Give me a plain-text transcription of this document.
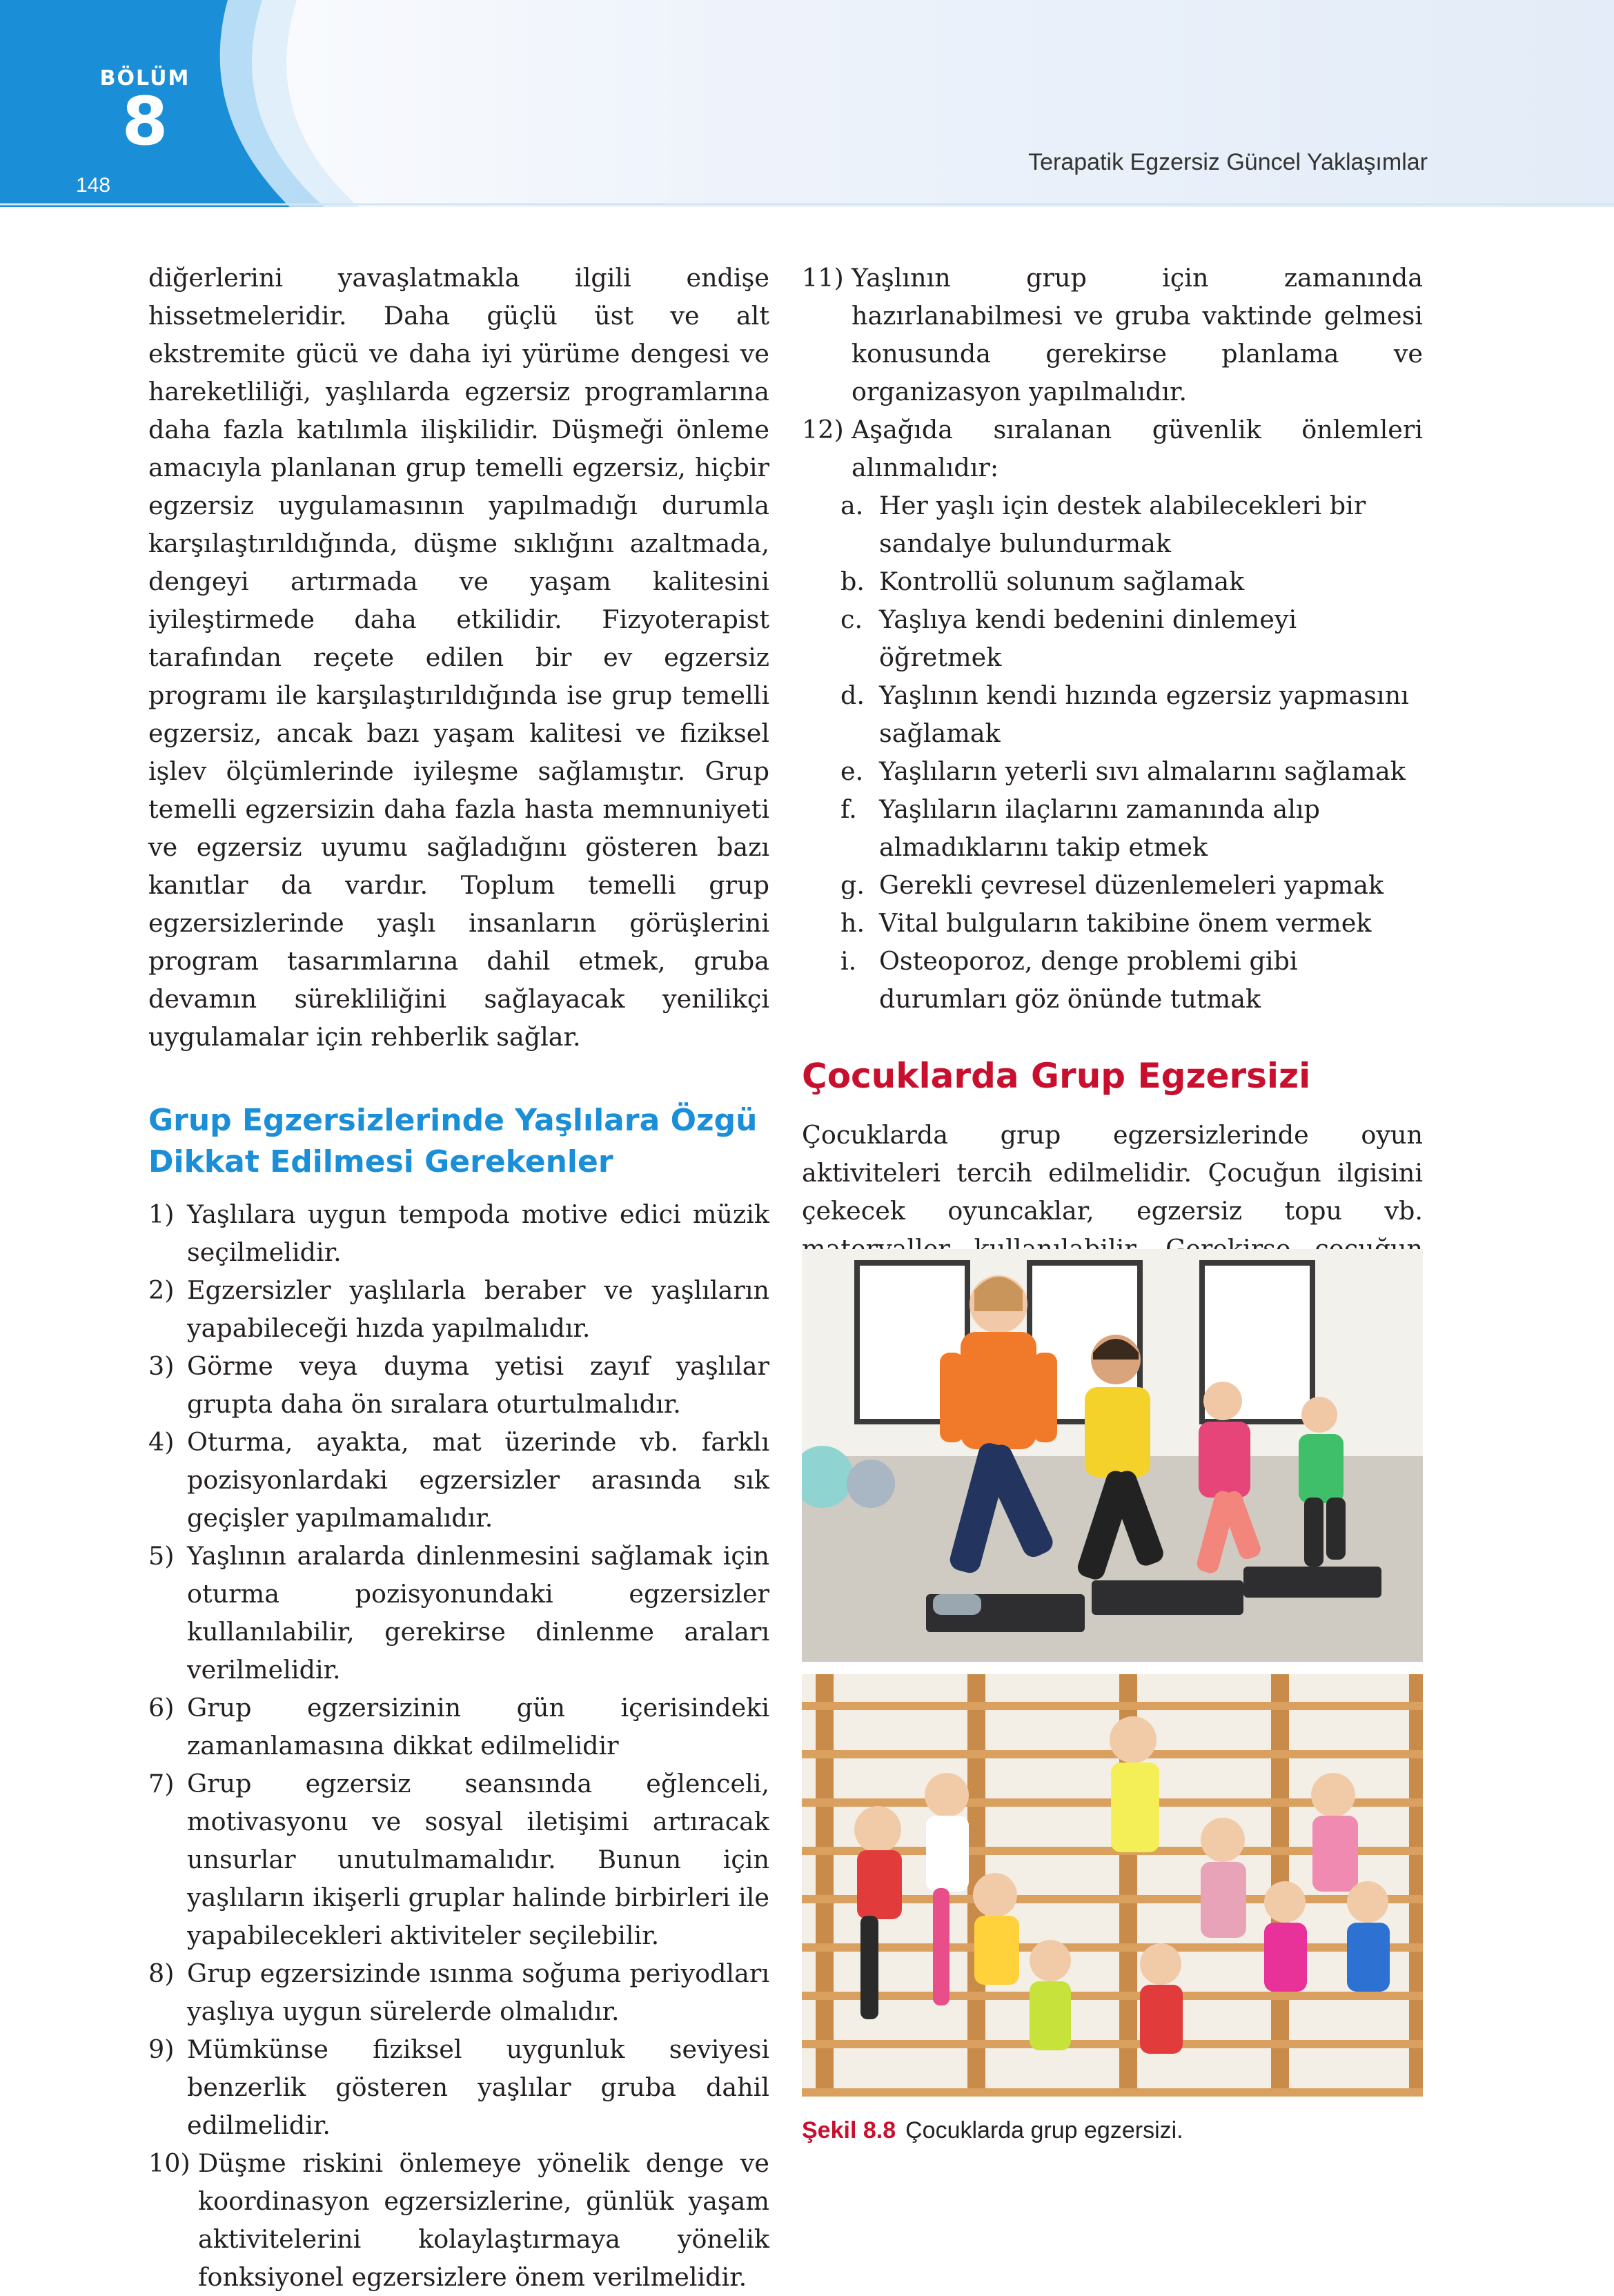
BÖLÜM
8
148
Terapatik Egzersiz Güncel Yaklaşımlar

diğerlerini yavaşlatmakla ilgili endişe hissetmeleridir. Daha güçlü üst ve alt ekstremite gücü ve daha iyi yürüme dengesi ve hareketliliği, yaşlılarda egzersiz programlarına daha fazla katılımla ilişkilidir. Düşmeği önleme amacıyla planlanan grup temelli egzersiz, hiçbir egzersiz uygulamasının yapılmadığı durumla karşılaştırıldığında, düşme sıklığını azaltmada, dengeyi artırmada ve yaşam kalitesini iyileştirmede daha etkilidir. Fizyoterapist tarafından reçete edilen bir ev egzersiz programı ile karşılaştırıldığında ise grup temelli egzersiz, ancak bazı yaşam kalitesi ve fiziksel işlev ölçümlerinde iyileşme sağlamıştır. Grup temelli egzersizin daha fazla hasta memnuniyeti ve egzersiz uyumu sağladığını gösteren bazı kanıtlar da vardır. Toplum temelli grup egzersizlerinde yaşlı insanların görüşlerini program tasarımlarına dahil etmek, gruba devamın sürekliliğini sağlayacak yenilikçi uygulamalar için rehberlik sağlar.

Grup Egzersizlerinde Yaşlılara Özgü
Dikkat Edilmesi Gerekenler
1) Yaşlılara uygun tempoda motive edici müzik seçilmelidir.
2) Egzersizler yaşlılarla beraber ve yaşlıların yapabileceği hızda yapılmalıdır.
3) Görme veya duyma yetisi zayıf yaşlılar grupta daha ön sıralara oturtulmalıdır.
4) Oturma, ayakta, mat üzerinde vb. farklı pozisyonlardaki egzersizler arasında sık geçişler yapılmamalıdır.
5) Yaşlının aralarda dinlenmesini sağlamak için oturma pozisyonundaki egzersizler kullanılabilir, gerekirse dinlenme araları verilmelidir.
6) Grup egzersizinin gün içerisindeki zamanlamasına dikkat edilmelidir
7) Grup egzersiz seansında eğlenceli, motivasyonu ve sosyal iletişimi artıracak unsurlar unutulmamalıdır. Bunun için yaşlıların ikişerli gruplar halinde birbirleri ile yapabilecekleri aktiviteler seçilebilir.
8) Grup egzersizinde ısınma soğuma periyodları yaşlıya uygun sürelerde olmalıdır.
9) Mümkünse fiziksel uygunluk seviyesi benzerlik gösteren yaşlılar gruba dahil edilmelidir.
10) Düşme riskini önlemeye yönelik denge ve koordinasyon egzersizlerine, günlük yaşam aktivitelerini kolaylaştırmaya yönelik fonksiyonel egzersizlere önem verilmelidir.
11) Yaşlının grup için zamanında hazırlanabilmesi ve gruba vaktinde gelmesi konusunda gerekirse planlama ve organizasyon yapılmalıdır.
12) Aşağıda sıralanan güvenlik önlemleri alınmalıdır:
a. Her yaşlı için destek alabilecekleri bir sandalye bulundurmak
b. Kontrollü solunum sağlamak
c. Yaşlıya kendi bedenini dinlemeyi öğretmek
d. Yaşlının kendi hızında egzersiz yapmasını sağlamak
e. Yaşlıların yeterli sıvı almalarını sağlamak
f. Yaşlıların ilaçlarını zamanında alıp almadıklarını takip etmek
g. Gerekli çevresel düzenlemeleri yapmak
h. Vital bulguların takibine önem vermek
i. Osteoporoz, denge problemi gibi durumları göz önünde tutmak
Çocuklarda Grup Egzersizi

Çocuklarda grup egzersizlerinde oyun aktiviteleri tercih edilmelidir. Çocuğun ilgisini çekecek oyuncaklar, egzersiz topu vb.

Şekil 8.8 Çocuklarda grup egzersizi.
